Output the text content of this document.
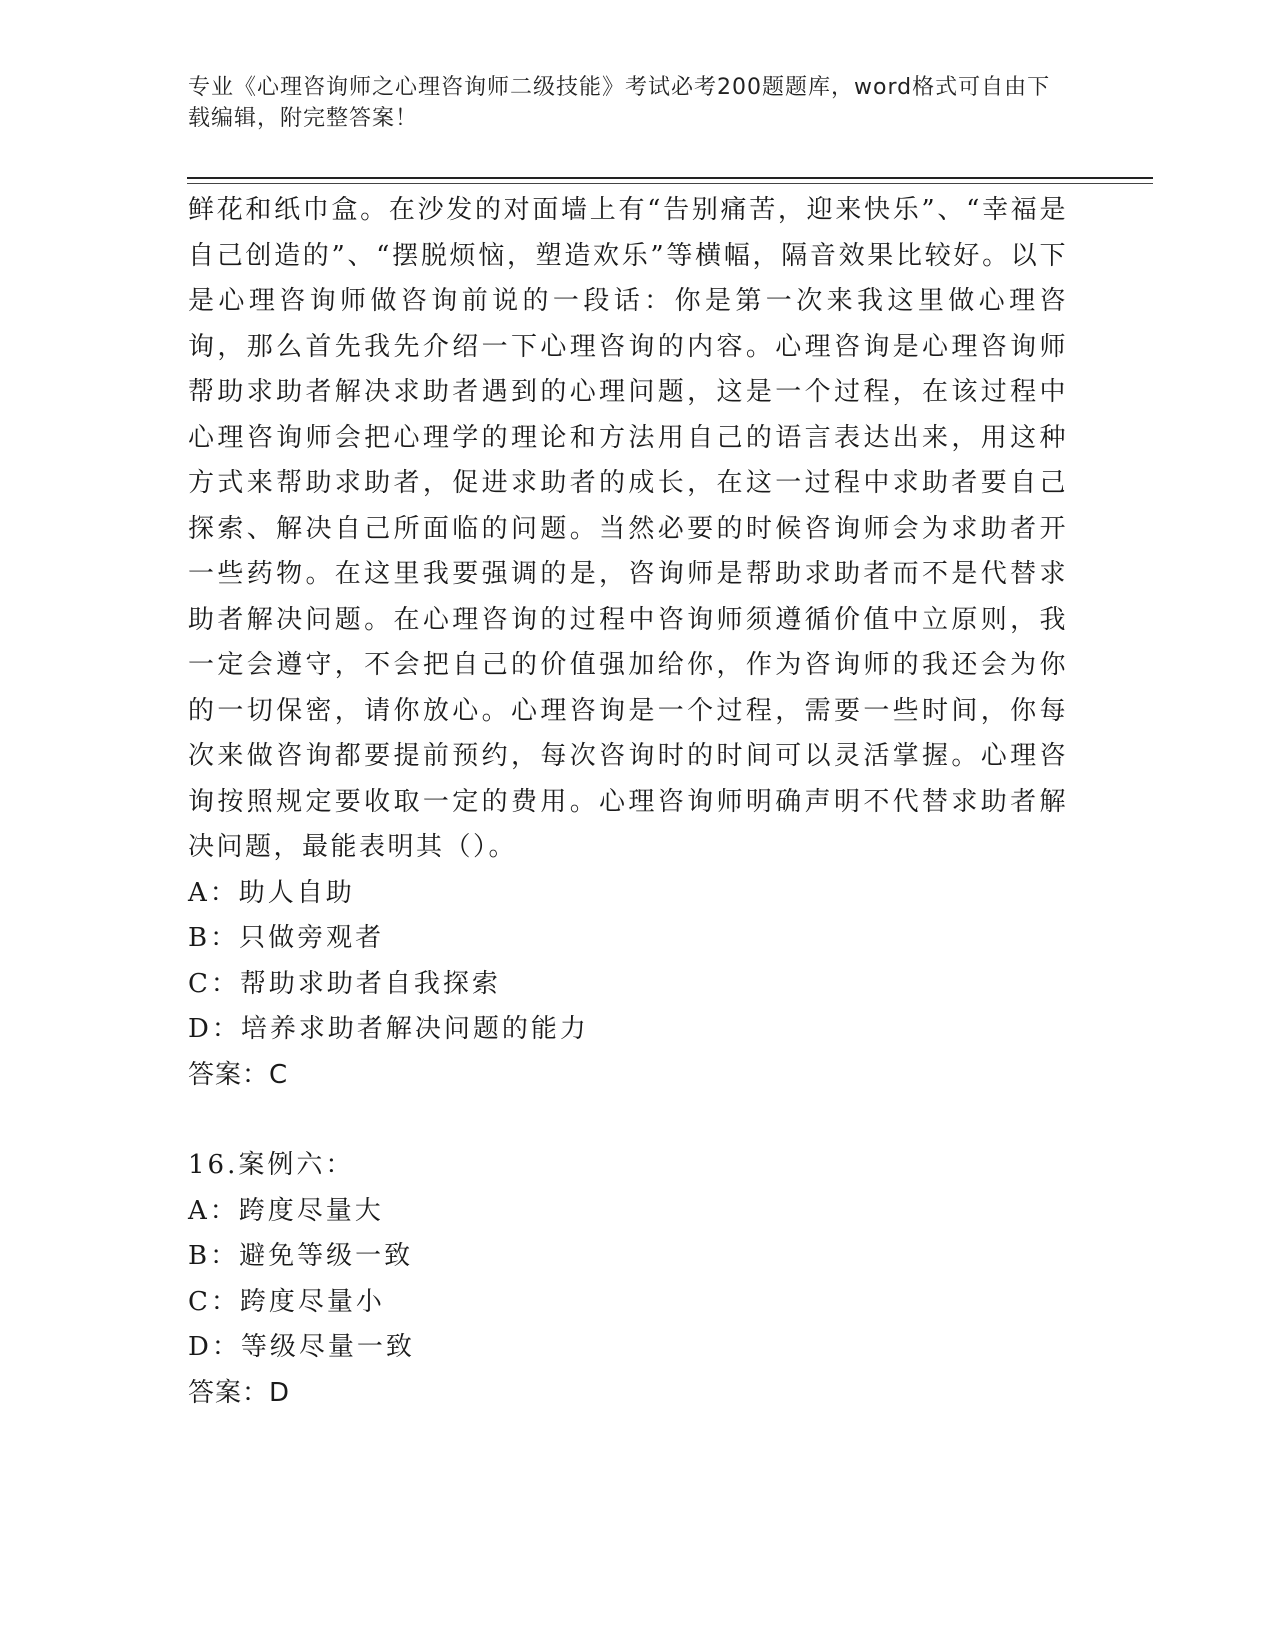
专业《心理咨询师之心理咨询师二级技能》考试必考200题题库，word格式可自由下载编辑，附完整答案！

鲜花和纸巾盒。在沙发的对面墙上有“告别痛苦，迎来快乐”、“幸福是自己创造的”、“摆脱烦恼，塑造欢乐”等横幅，隔音效果比较好。以下是心理咨询师做咨询前说的一段话：你是第一次来我这里做心理咨询，那么首先我先介绍一下心理咨询的内容。心理咨询是心理咨询师帮助求助者解决求助者遇到的心理问题，这是一个过程，在该过程中心理咨询师会把心理学的理论和方法用自己的语言表达出来，用这种方式来帮助求助者，促进求助者的成长，在这一过程中求助者要自己探索、解决自己所面临的问题。当然必要的时候咨询师会为求助者开一些药物。在这里我要强调的是，咨询师是帮助求助者而不是代替求助者解决问题。在心理咨询的过程中咨询师须遵循价值中立原则，我一定会遵守，不会把自己的价值强加给你，作为咨询师的我还会为你的一切保密，请你放心。心理咨询是一个过程，需要一些时间，你每次来做咨询都要提前预约，每次咨询时的时间可以灵活掌握。心理咨询按照规定要收取一定的费用。心理咨询师明确声明不代替求助者解决问题，最能表明其（）。

A：助人自助
B：只做旁观者
C：帮助求助者自我探索
D：培养求助者解决问题的能力
答案：C
16.案例六：
A：跨度尽量大
B：避免等级一致
C：跨度尽量小
D：等级尽量一致
答案：D
